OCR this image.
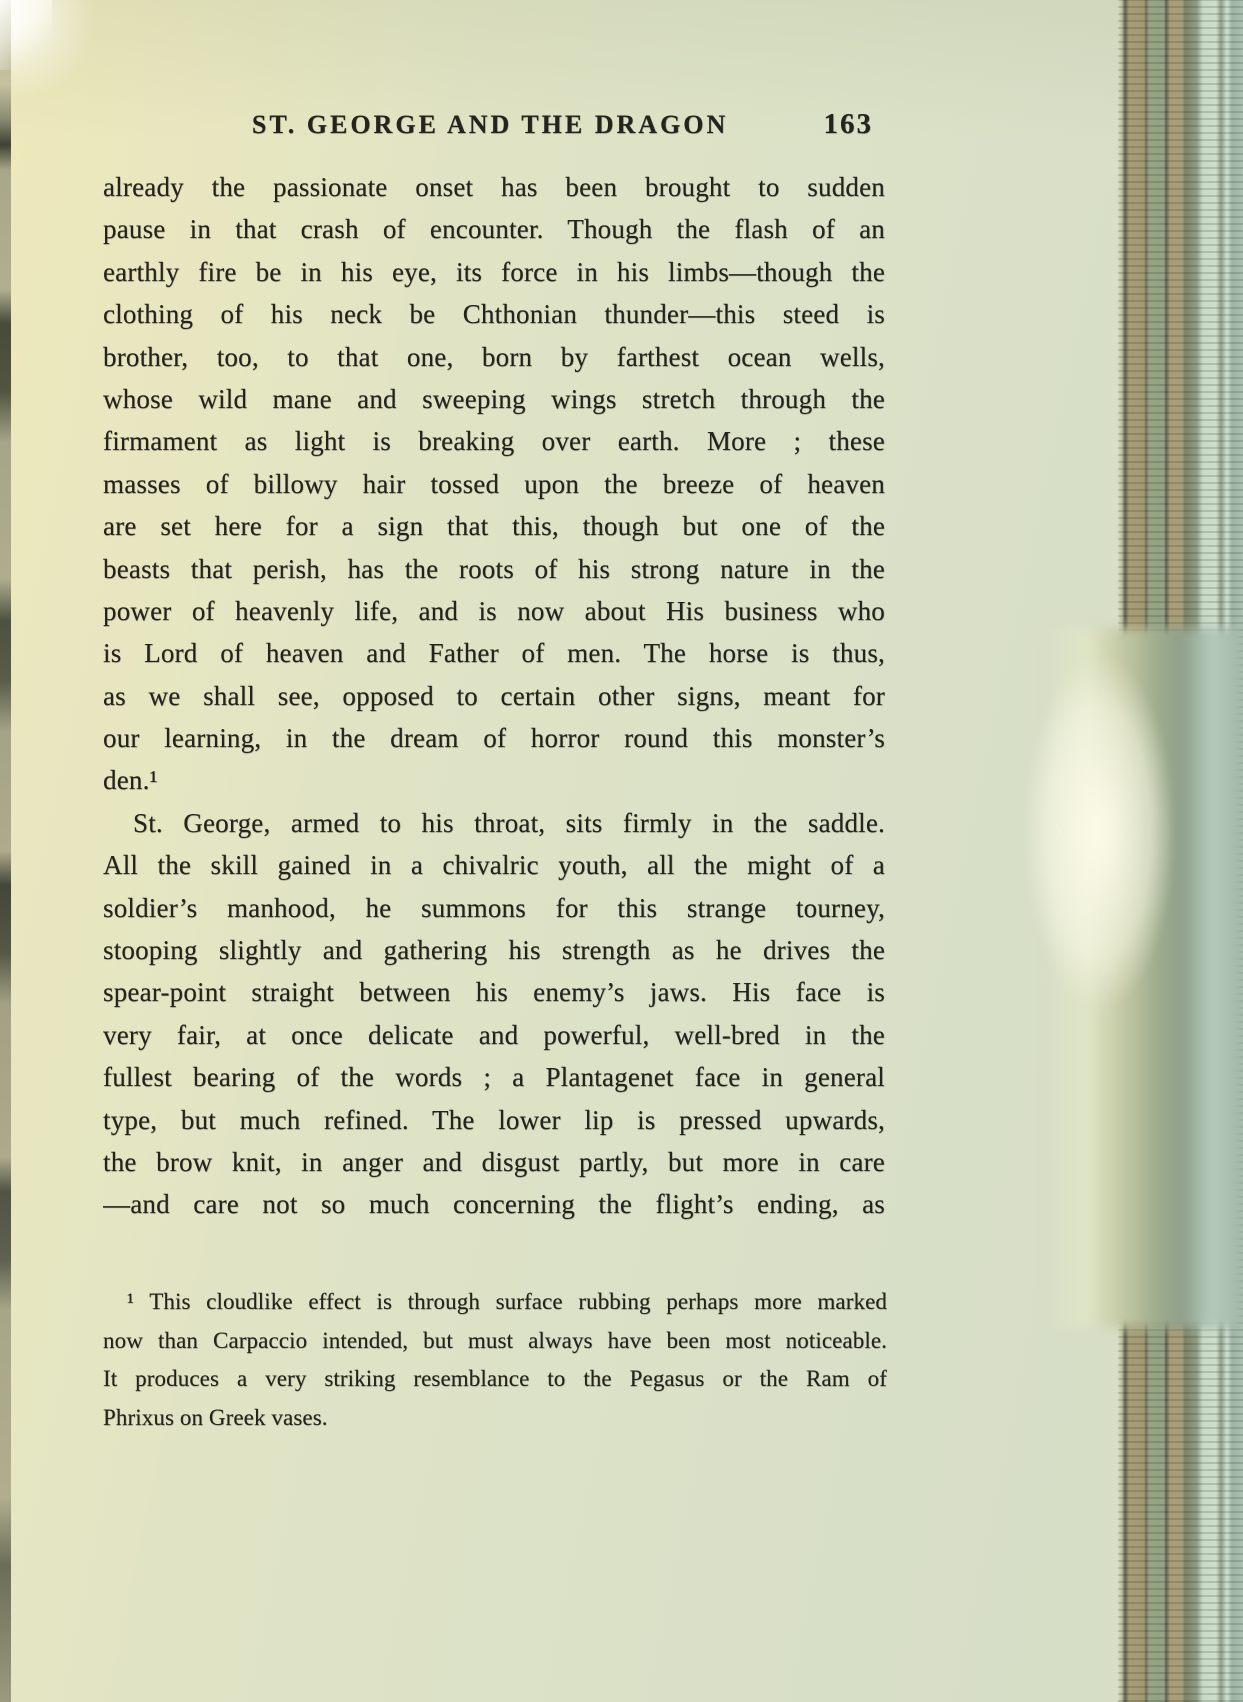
ST. GEORGE AND THE DRAGON	163
already the passionate onset has been brought to sudden
pause in that crash of encounter. Though the flash of an
earthly fire be in his eye, its force in his limbs—though the
clothing of his neck be Chthonian thunder—this steed is
brother, too, to that one, born by farthest ocean wells,
whose wild mane and sweeping wings stretch through the
firmament as light is breaking over earth. More ; these
masses of billowy hair tossed upon the breeze of heaven
are set here for a sign that this, though but one of the
beasts that perish, has the roots of his strong nature in the
power of heavenly life, and is now about His business who
is Lord of heaven and Father of men. The horse is thus,
as we shall see, opposed to certain other signs, meant for
our learning, in the dream of horror round this monster’s
den.¹
St. George, armed to his throat, sits firmly in the saddle.
All the skill gained in a chivalric youth, all the might of a
soldier’s manhood, he summons for this strange tourney,
stooping slightly and gathering his strength as he drives the
spear-point straight between his enemy’s jaws. His face is
very fair, at once delicate and powerful, well-bred in the
fullest bearing of the words ; a Plantagenet face in general
type, but much refined. The lower lip is pressed upwards,
the brow knit, in anger and disgust partly, but more in care
—and care not so much concerning the flight’s ending, as
¹ This cloudlike effect is through surface rubbing perhaps more marked
now than Carpaccio intended, but must always have been most noticeable.
It produces a very striking resemblance to the Pegasus or the Ram of
Phrixus on Greek vases.
